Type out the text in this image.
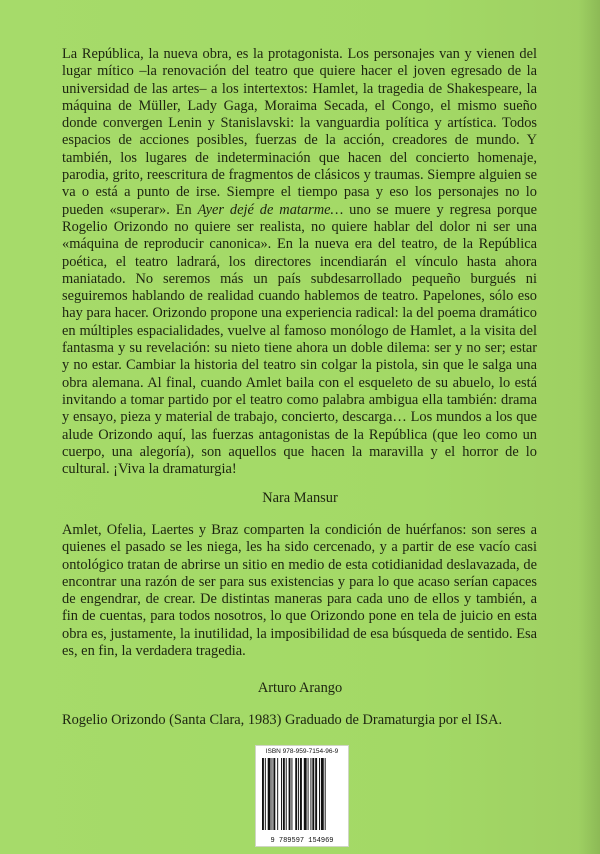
La República, la nueva obra, es la protagonista. Los personajes van y vienen del lugar mítico –la renovación del teatro que quiere hacer el joven egresado de la universidad de las artes– a los intertextos: Hamlet, la tragedia de Shakespeare, la máquina de Müller, Lady Gaga, Moraima Secada, el Congo, el mismo sueño donde convergen Lenin y Stanislavski: la vanguardia política y artística. Todos espacios de acciones posibles, fuerzas de la acción, creadores de mundo. Y también, los lugares de indeterminación que hacen del concierto homenaje, parodia, grito, reescritura de fragmentos de clásicos y traumas. Siempre alguien se va o está a punto de irse. Siempre el tiempo pasa y eso los personajes no lo pueden «superar». En Ayer dejé de matarme… uno se muere y regresa porque Rogelio Orizondo no quiere ser realista, no quiere hablar del dolor ni ser una «máquina de reproducir canonica». En la nueva era del teatro, de la República poética, el teatro ladrará, los directores incendiarán el vínculo hasta ahora maniatado. No seremos más un país subdesarrollado pequeño burgués ni seguiremos hablando de realidad cuando hablemos de teatro. Papelones, sólo eso hay para hacer. Orizondo propone una experiencia radical: la del poema dramático en múltiples espacialidades, vuelve al famoso monólogo de Hamlet, a la visita del fantasma y su revelación: su nieto tiene ahora un doble dilema: ser y no ser; estar y no estar. Cambiar la historia del teatro sin colgar la pistola, sin que le salga una obra alemana. Al final, cuando Amlet baila con el esqueleto de su abuelo, lo está invitando a tomar partido por el teatro como palabra ambigua ella también: drama y ensayo, pieza y material de trabajo, concierto, descarga… Los mundos a los que alude Orizondo aquí, las fuerzas antagonistas de la República (que leo como un cuerpo, una alegoría), son aquellos que hacen la maravilla y el horror de lo cultural. ¡Viva la dramaturgia!
Nara Mansur
Amlet, Ofelia, Laertes y Braz comparten la condición de huérfanos: son seres a quienes el pasado se les niega, les ha sido cercenado, y a partir de ese vacío casi ontológico tratan de abrirse un sitio en medio de esta cotidianidad deslavazada, de encontrar una razón de ser para sus existencias y para lo que acaso serían capaces de engendrar, de crear. De distintas maneras para cada uno de ellos y también, a fin de cuentas, para todos nosotros, lo que Orizondo pone en tela de juicio en esta obra es, justamente, la inutilidad, la imposibilidad de esa búsqueda de sentido. Esa es, en fin, la verdadera tragedia.
Arturo Arango
Rogelio Orizondo (Santa Clara, 1983) Graduado de Dramaturgia por el ISA.
ISBN 978-959-7154-96-9
9 789597 154969
